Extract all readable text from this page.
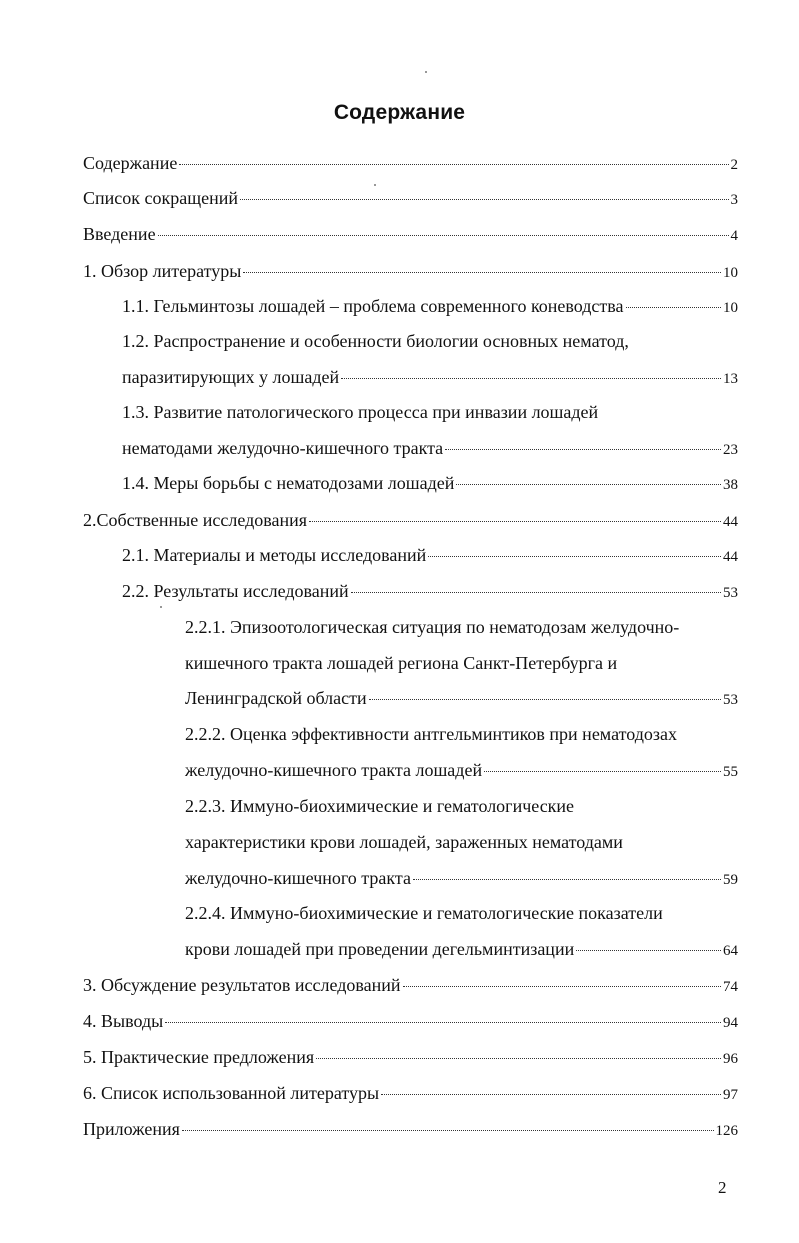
Содержание
Содержание	2
Список сокращений	3
Введение	4
1. Обзор литературы	10
1.1. Гельминтозы лошадей – проблема современного коневодства	10
1.2. Распространение и особенности биологии основных нематод,
паразитирующих у лошадей	13
1.3. Развитие патологического процесса при инвазии лошадей
нематодами желудочно-кишечного тракта	23
1.4. Меры борьбы с нематодозами лошадей	38
2.Собственные исследования	44
2.1. Материалы и методы исследований	44
2.2. Результаты исследований	53
2.2.1. Эпизоотологическая ситуация по нематодозам желудочно-
кишечного тракта лошадей региона Санкт-Петербурга и
Ленинградской области	53
2.2.2. Оценка эффективности антгельминтиков при нематодозах
желудочно-кишечного тракта лошадей	55
2.2.3. Иммуно-биохимические и гематологические
характеристики крови лошадей, зараженных нематодами
желудочно-кишечного тракта	59
2.2.4. Иммуно-биохимические и гематологические показатели
крови лошадей при проведении дегельминтизации	64
3. Обсуждение результатов исследований	74
4. Выводы	94
5. Практические предложения	96
6. Список использованной литературы	97
Приложения	126
2
